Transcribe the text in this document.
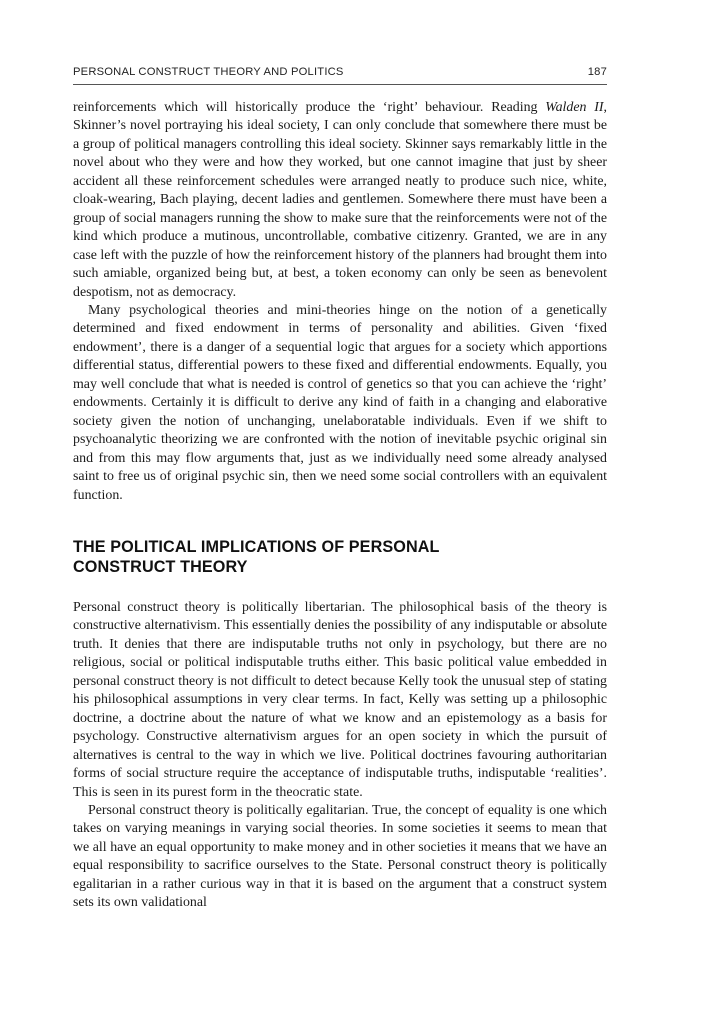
PERSONAL CONSTRUCT THEORY AND POLITICS	187

reinforcements which will historically produce the ‘right’ behaviour. Reading Walden II, Skinner’s novel portraying his ideal society, I can only conclude that somewhere there must be a group of political managers controlling this ideal society. Skinner says remarkably little in the novel about who they were and how they worked, but one cannot imagine that just by sheer accident all these reinforcement schedules were arranged neatly to produce such nice, white, cloak-wearing, Bach playing, decent ladies and gentlemen. Somewhere there must have been a group of social managers running the show to make sure that the reinforcements were not of the kind which produce a mutinous, uncontrollable, combative citizenry. Granted, we are in any case left with the puzzle of how the reinforcement history of the planners had brought them into such amiable, organized being but, at best, a token economy can only be seen as benevolent despotism, not as democracy.

Many psychological theories and mini-theories hinge on the notion of a genetically determined and fixed endowment in terms of personality and abilities. Given ‘fixed endowment’, there is a danger of a sequential logic that argues for a society which apportions differential status, differential powers to these fixed and differential endowments. Equally, you may well conclude that what is needed is control of genetics so that you can achieve the ‘right’ endowments. Certainly it is difficult to derive any kind of faith in a changing and elaborative society given the notion of unchanging, unelaboratable individuals. Even if we shift to psychoanalytic theorizing we are confronted with the notion of inevitable psychic original sin and from this may flow arguments that, just as we individually need some already analysed saint to free us of original psychic sin, then we need some social controllers with an equivalent function.

THE POLITICAL IMPLICATIONS OF PERSONAL
CONSTRUCT THEORY

Personal construct theory is politically libertarian. The philosophical basis of the theory is constructive alternativism. This essentially denies the possibility of any indisputable or absolute truth. It denies that there are indisputable truths not only in psychology, but there are no religious, social or political indisputable truths either. This basic political value embedded in personal construct theory is not difficult to detect because Kelly took the unusual step of stating his philosophical assumptions in very clear terms. In fact, Kelly was setting up a philosophic doctrine, a doctrine about the nature of what we know and an epistemology as a basis for psychology. Constructive alternativism argues for an open society in which the pursuit of alternatives is central to the way in which we live. Political doctrines favouring authoritarian forms of social structure require the acceptance of indisputable truths, indisputable ‘realities’. This is seen in its purest form in the theocratic state.

Personal construct theory is politically egalitarian. True, the concept of equality is one which takes on varying meanings in varying social theories. In some societies it seems to mean that we all have an equal opportunity to make money and in other societies it means that we have an equal responsibility to sacrifice ourselves to the State. Personal construct theory is politically egalitarian in a rather curious way in that it is based on the argument that a construct system sets its own validational
